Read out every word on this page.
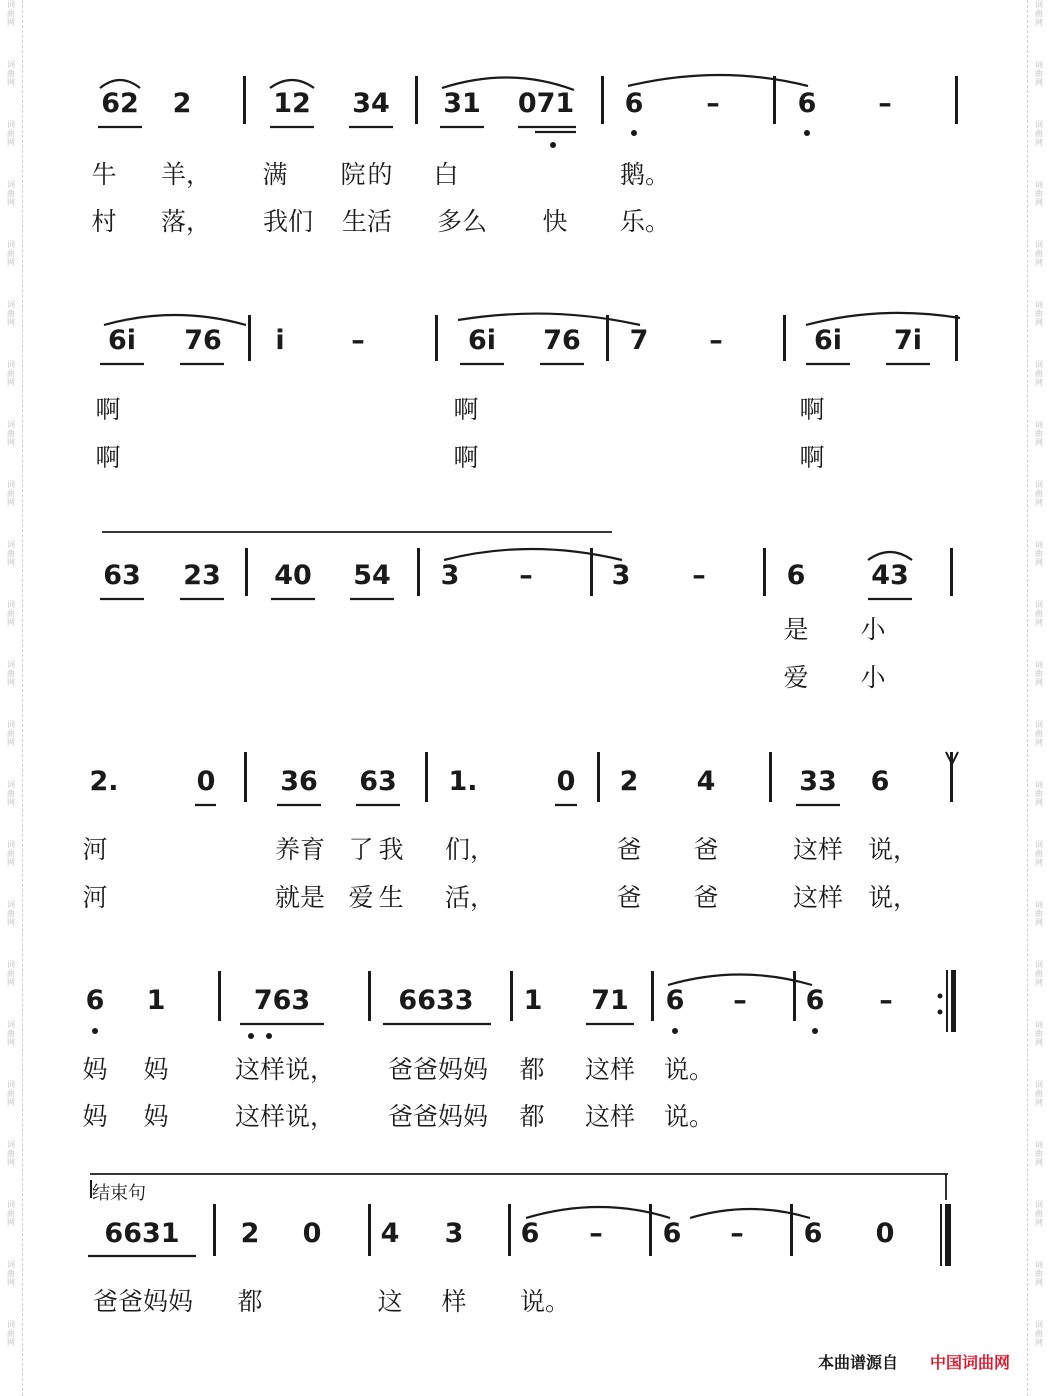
词
曲
网
词
曲
网
词
曲
网
词
曲
网
词
曲
网
词
曲
网
词
曲
网
词
曲
网
词
曲
网
词
曲
网
词
曲
网
词
曲
网
词
曲
网
词
曲
网
词
曲
网
词
曲
网
词
曲
网
词
曲
网
词
曲
网
词
曲
网
词
曲
网
词
曲
网
词
曲
网
词
曲
网
词
曲
网
词
曲
网
词
曲
网
词
曲
网
词
曲
网
词
曲
网
词
曲
网
词
曲
网
词
曲
网
词
曲
网
词
曲
网
词
曲
网
词
曲
网
词
曲
网
词
曲
网
词
曲
网
词
曲
网
词
曲
网
词
曲
网
词
曲
网
词
曲
网
词
曲
网
62 2	12 34 31 071 6 –	6 –
牛 羊， 满 院 的 白	鹅。
村 落， 我们 生活 多么 快 乐。
6i 76 i –	6i 76 7 –	6i 7i
啊	啊	啊
啊	啊	啊
63 23 40 54 3 –	3 –	6 43
是 小
爱 小
2.	0 36 63 1.	0 2 4	33 6
河	养育 了 我 们，	爸 爸	这样 说，
河	就是 爱 生 活，	爸 爸	这样 说，
6 1	763	6633 1 71 6 – 6 –
妈 妈	这样说， 爸爸妈妈 都 这样 说。
妈 妈	这样说， 爸爸妈妈 都 这样 说。
结束句
6631 2 0 4 3 6 – 6 – 6 0
爸爸妈妈 都	这 样 说。
本曲谱源自 中国词曲网
